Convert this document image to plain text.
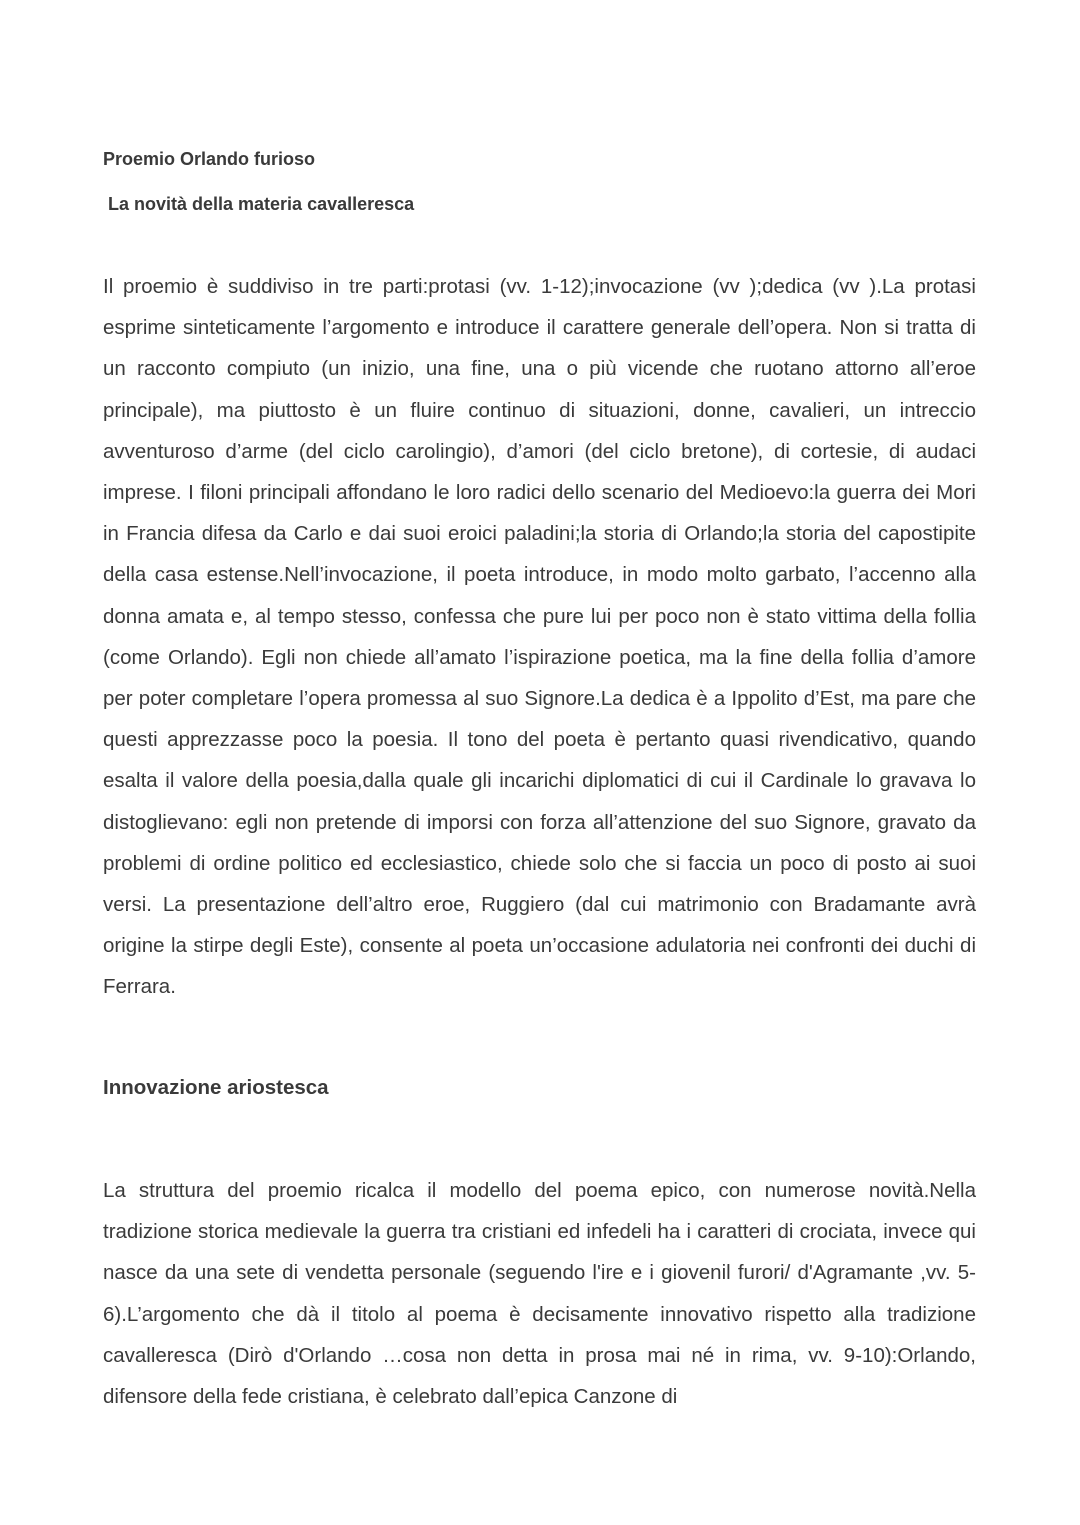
Proemio Orlando furioso
La novità della materia cavalleresca
Il proemio è suddiviso in tre parti:protasi (vv. 1-12);invocazione (vv );dedica (vv ).La protasi esprime sinteticamente l’argomento e introduce il carattere generale dell’opera. Non si tratta di un racconto compiuto (un inizio, una fine, una o più vicende che ruotano attorno all’eroe principale), ma piuttosto è un fluire continuo di situazioni, donne, cavalieri, un intreccio avventuroso d’arme (del ciclo carolingio), d’amori (del ciclo bretone), di cortesie, di audaci imprese. I filoni principali affondano le loro radici dello scenario del Medioevo:la guerra dei Mori in Francia difesa da Carlo e dai suoi eroici paladini;la storia di Orlando;la storia del capostipite della casa estense.Nell’invocazione, il poeta introduce, in modo molto garbato, l’accenno alla donna amata e, al tempo stesso, confessa che pure lui per poco non è stato vittima della follia (come Orlando). Egli non chiede all’amato l’ispirazione poetica, ma la fine della follia d’amore per poter completare l’opera promessa al suo Signore.La dedica è a Ippolito d’Est, ma pare che questi apprezzasse poco la poesia. Il tono del poeta è pertanto quasi rivendicativo, quando esalta il valore della poesia,dalla quale gli incarichi diplomatici di cui il Cardinale lo gravava lo distoglievano: egli non pretende di imporsi con forza all’attenzione del suo Signore, gravato da problemi di ordine politico ed ecclesiastico, chiede solo che si faccia un poco di posto ai suoi versi. La presentazione dell’altro eroe, Ruggiero (dal cui matrimonio con Bradamante avrà origine la stirpe degli Este), consente al poeta un’occasione adulatoria nei confronti dei duchi di Ferrara.
Innovazione ariostesca
La struttura del proemio ricalca il modello del poema epico, con numerose novità.Nella tradizione storica medievale la guerra tra cristiani ed infedeli ha i caratteri di crociata, invece qui nasce da una sete di vendetta personale (seguendo l'ire e i giovenil furori/ d'Agramante ,vv. 5-6).L’argomento che dà il titolo al poema è decisamente innovativo rispetto alla tradizione cavalleresca (Dirò d'Orlando …cosa non detta in prosa mai né in rima, vv. 9-10):Orlando, difensore della fede cristiana, è celebrato dall’epica Canzone di
